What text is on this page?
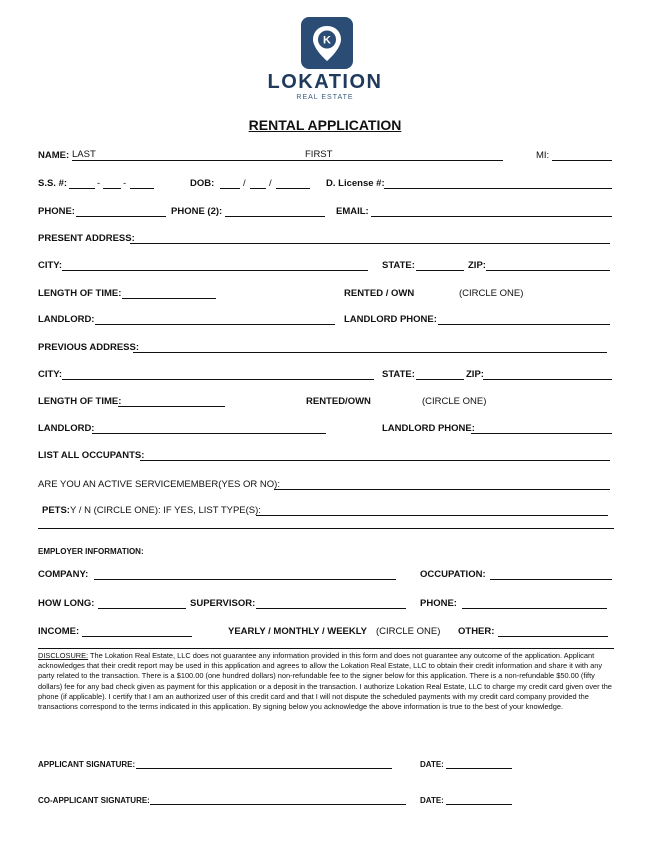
K
LOKATION
REAL ESTATE
RENTAL APPLICATION
NAME: LAST	FIRST	MI:
S.S. #:	- -	DOB:	/ /	D. License #:
PHONE:	PHONE (2):	EMAIL:
PRESENT ADDRESS:
CITY:	STATE:	ZIP:
LENGTH OF TIME:	RENTED / OWN	(CIRCLE ONE)
LANDLORD:	LANDLORD PHONE:
PREVIOUS ADDRESS:
CITY:	STATE:	ZIP:
LENGTH OF TIME:	RENTED/OWN	(CIRCLE ONE)
LANDLORD:	LANDLORD PHONE:
LIST ALL OCCUPANTS:
ARE YOU AN ACTIVE SERVICEMEMBER(YES OR NO):
PETS: Y / N (CIRCLE ONE): IF YES, LIST TYPE(S):
EMPLOYER INFORMATION:
COMPANY:	OCCUPATION:
HOW LONG:	SUPERVISOR:	PHONE:
INCOME:	YEARLY / MONTHLY / WEEKLY (CIRCLE ONE) OTHER:
DISCLOSURE: The Lokation Real Estate, LLC does not guarantee any information provided in this form and does not guarantee any outcome of the application. Applicant acknowledges that their credit report may be used in this application and agrees to allow the Lokation Real Estate, LLC to obtain their credit information and share it with any party related to the transaction. There is a $100.00 (one hundred dollars) non-refundable fee to the signer below for this application. There is a non-refundable $50.00 (fifty dollars) fee for any bad check given as payment for this application or a deposit in the transaction. I authorize Lokation Real Estate, LLC to charge my credit card given over the phone (if applicable). I certify that I am an authorized user of this credit card and that I will not dispute the scheduled payments with my credit card company provided the transactions correspond to the terms indicated in this application. By signing below you acknowledge the above information is true to the best of your knowledge.
APPLICANT SIGNATURE:	DATE:
CO-APPLICANT SIGNATURE:	DATE:
